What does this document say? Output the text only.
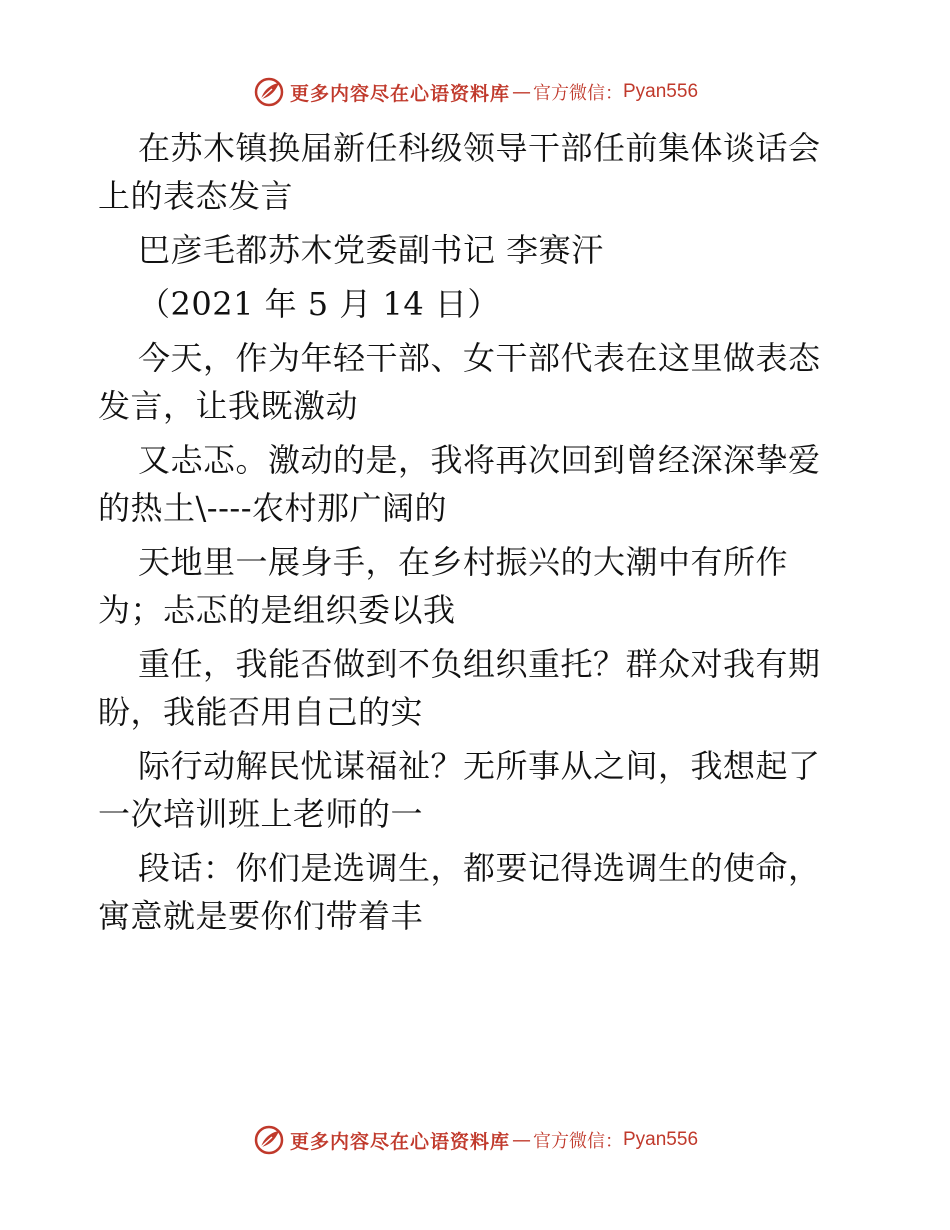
更多内容尽在心语资料库 — 官方微信： Pyan556
在苏木镇换届新任科级领导干部任前集体谈话会
上的表态发言
巴彦毛都苏木党委副书记 李赛汗
（2021 年 5 月 14 日）
今天，作为年轻干部、女干部代表在这里做表态
发言，让我既激动
又忐忑。激动的是，我将再次回到曾经深深挚爱
的热土\----农村那广阔的
天地里一展身手，在乡村振兴的大潮中有所作
为；忐忑的是组织委以我
重任，我能否做到不负组织重托？群众对我有期
盼，我能否用自己的实
际行动解民忧谋福祉？无所事从之间，我想起了
一次培训班上老师的一
段话：你们是选调生，都要记得选调生的使命，
寓意就是要你们带着丰
更多内容尽在心语资料库 — 官方微信： Pyan556
